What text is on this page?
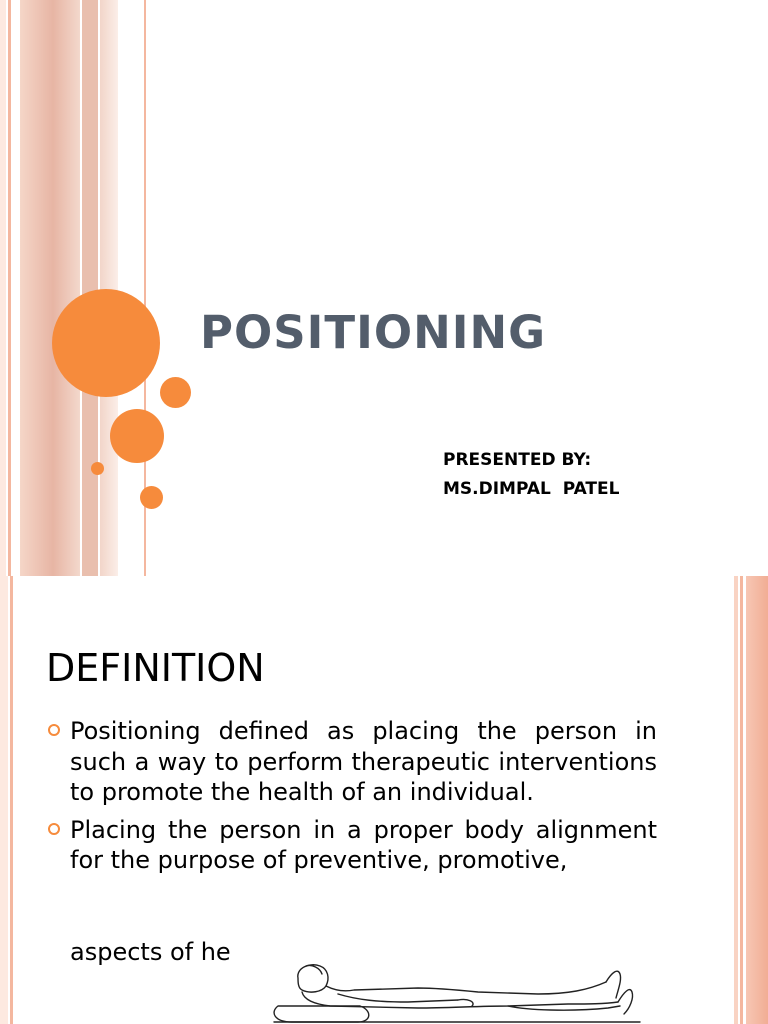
POSITIONING
PRESENTED BY:
MS.DIMPAL  PATEL
DEFINITION
Positioning defined as placing the person in such a way to perform therapeutic interventions to promote the health of an individual.
Placing the person in a proper body alignment for the purpose of preventive, promotive,
aspects of he
